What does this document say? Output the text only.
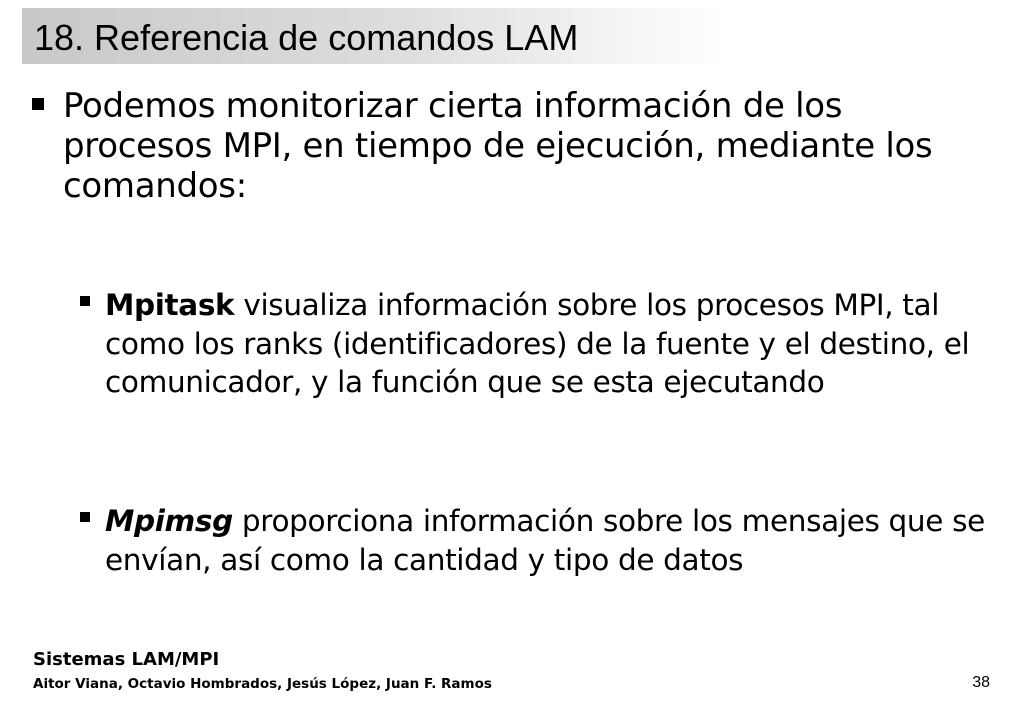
18. Referencia de comandos LAM
Podemos monitorizar cierta información de los procesos MPI, en tiempo de ejecución, mediante los comandos:
Mpitask visualiza información sobre los procesos MPI, tal como los ranks (identificadores) de la fuente y el destino, el comunicador, y la función que se esta ejecutando
Mpimsg proporciona información sobre los mensajes que se envían, así como la cantidad y tipo de datos
Sistemas LAM/MPI
Aitor Viana, Octavio Hombrados, Jesús López, Juan F. Ramos	38
